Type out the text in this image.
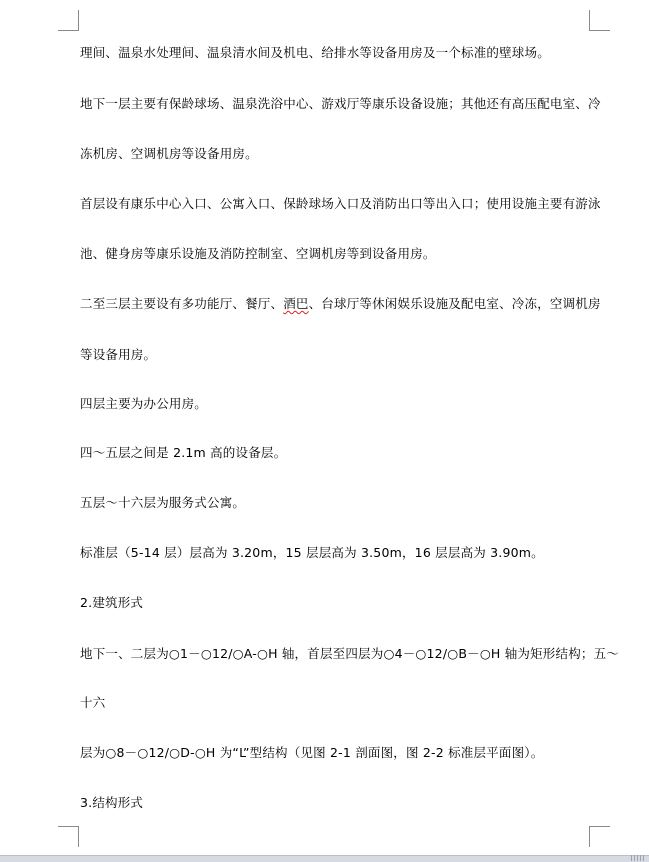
理间、温泉水处理间、温泉清水间及机电、给排水等设备用房及一个标准的壁球场。
地下一层主要有保龄球场、温泉洗浴中心、游戏厅等康乐设备设施；其他还有高压配电室、冷
冻机房、空调机房等设备用房。
首层设有康乐中心入口、公寓入口、保龄球场入口及消防出口等出入口；使用设施主要有游泳
池、健身房等康乐设施及消防控制室、空调机房等到设备用房。
二至三层主要设有多功能厅、餐厅、酒巴、台球厅等休闲娱乐设施及配电室、冷冻，空调机房
等设备用房。
四层主要为办公用房。
四～五层之间是 2.1m 高的设备层。
五层～十六层为服务式公寓。
标准层（5-14 层）层高为 3.20m，15 层层高为 3.50m，16 层层高为 3.90m。
2.建筑形式
地下一、二层为○1－○12/○A-○H 轴，首层至四层为○4－○12/○B－○H 轴为矩形结构；五～
十六
层为○8－○12/○D-○H 为“L”型结构（见图 2-1 剖面图，图 2-2 标准层平面图）。
3.结构形式
